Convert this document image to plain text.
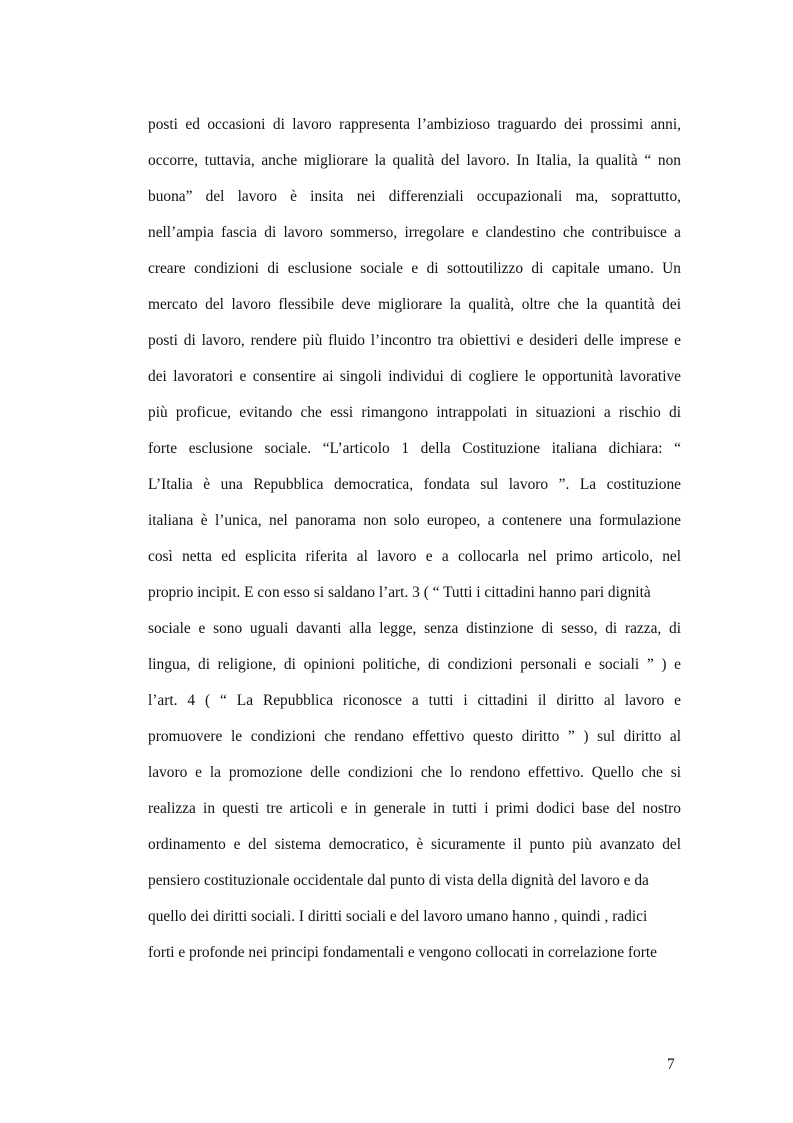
posti ed occasioni di lavoro rappresenta l’ambizioso traguardo dei prossimi anni,
occorre, tuttavia, anche migliorare la qualità del lavoro. In Italia, la qualità “ non
buona” del lavoro è insita nei differenziali occupazionali ma, soprattutto,
nell’ampia fascia di lavoro sommerso, irregolare e clandestino che contribuisce a
creare condizioni di esclusione sociale e di sottoutilizzo di capitale umano. Un
mercato del lavoro flessibile deve migliorare la qualità, oltre che la quantità dei
posti di lavoro, rendere più fluido l’incontro tra obiettivi e desideri delle imprese e
dei lavoratori e consentire ai singoli individui di cogliere le opportunità lavorative
più proficue, evitando che essi rimangono intrappolati in situazioni a rischio di
forte esclusione sociale. “L’articolo 1 della Costituzione italiana dichiara: “
L’Italia è una Repubblica democratica, fondata sul lavoro ”. La costituzione
italiana è l’unica, nel panorama non solo europeo, a contenere una formulazione
così netta ed esplicita riferita al lavoro e a collocarla nel primo articolo, nel
proprio incipit. E con esso si saldano l’art. 3 ( “ Tutti i cittadini hanno pari dignità
sociale e sono uguali davanti alla legge, senza distinzione di sesso, di razza, di
lingua, di religione, di opinioni politiche, di condizioni personali e sociali ” ) e
l’art. 4 ( “ La Repubblica riconosce a tutti i cittadini il diritto al lavoro e
promuovere le condizioni che rendano effettivo questo diritto ” ) sul diritto al
lavoro e la promozione delle condizioni che lo rendono effettivo. Quello che si
realizza in questi tre articoli e in generale in tutti i primi dodici base del nostro
ordinamento e del sistema democratico, è sicuramente il punto più avanzato del
pensiero costituzionale occidentale dal punto di vista della dignità del lavoro e da
quello dei diritti sociali. I diritti sociali e del lavoro umano hanno , quindi , radici
forti e profonde nei principi fondamentali e vengono collocati in correlazione forte
7
